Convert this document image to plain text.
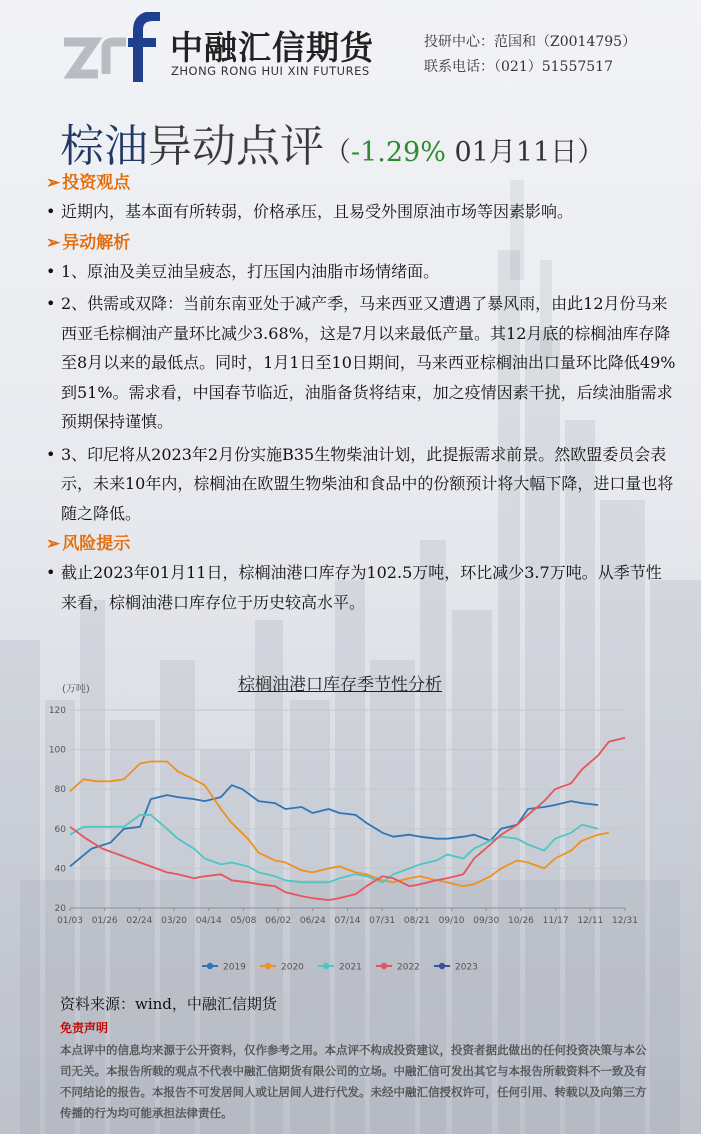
中融汇信期货
ZHONG RONG HUI XIN FUTURES
投研中心：范国和（Z0014795）
联系电话：（021）51557517
棕油异动点评（-1.29% 01月11日）
➢ 投资观点
• 近期内，基本面有所转弱，价格承压，且易受外围原油市场等因素影响。
➢ 异动解析
• 1、原油及美豆油呈疲态，打压国内油脂市场情绪面。
• 2、供需或双降：当前东南亚处于减产季，马来西亚又遭遇了暴风雨，由此12月份马来西亚毛棕榈油产量环比减少3.68%，这是7月以来最低产量。其12月底的棕榈油库存降至8月以来的最低点。同时，1月1日至10日期间，马来西亚棕榈油出口量环比降低49%到51%。需求看，中国春节临近，油脂备货将结束，加之疫情因素干扰，后续油脂需求预期保持谨慎。
• 3、印尼将从2023年2月份实施B35生物柴油计划，此提振需求前景。然欧盟委员会表示，未来10年内，棕榈油在欧盟生物柴油和食品中的份额预计将大幅下降，进口量也将随之降低。
➢ 风险提示
• 截止2023年01月11日，棕榈油港口库存为102.5万吨，环比减少3.7万吨。从季节性来看，棕榈油港口库存位于历史较高水平。
棕榈油港口库存季节性分析
(万吨)
20
40
60
80
100
120
01/03 01/26 02/24 03/20 04/14 05/08 06/02 06/24 07/14 07/31 08/21 09/10 09/30 10/26 11/17 12/11 12/31
2019	2020	2021	2022	2023
资料来源：wind，中融汇信期货
免责声明
本点评中的信息均来源于公开资料，仅作参考之用。本点评不构成投资建议，投资者据此做出的任何投资决策与本公司无关。本报告所载的观点不代表中融汇信期货有限公司的立场。中融汇信可发出其它与本报告所载资料不一致及有不同结论的报告。本报告不可发居间人或让居间人进行代发。未经中融汇信授权许可，任何引用、转载以及向第三方传播的行为均可能承担法律责任。
